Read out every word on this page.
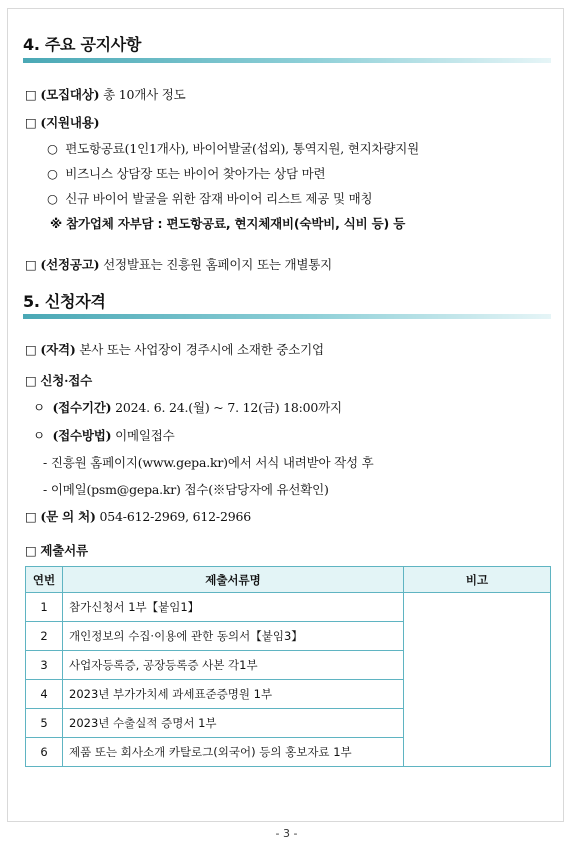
4. 주요 공지사항
□ (모집대상) 총 10개사 정도
□ (지원내용)
○ 편도항공료(1인1개사), 바이어발굴(섭외), 통역지원, 현지차량지원
○ 비즈니스 상담장 또는 바이어 찾아가는 상담 마련
○ 신규 바이어 발굴을 위한 잠재 바이어 리스트 제공 및 매칭
※ 참가업체 자부담 : 편도항공료, 현지체재비(숙박비, 식비 등) 등
□ (선정공고) 선정발표는 진흥원 홈페이지 또는 개별통지
5. 신청자격
□ (자격) 본사 또는 사업장이 경주시에 소재한 중소기업
□ 신청·접수
ㅇ (접수기간) 2024. 6. 24.(월) ~ 7. 12(금) 18:00까지
ㅇ (접수방법) 이메일접수
- 진흥원 홈페이지(www.gepa.kr)에서 서식 내려받아 작성 후
- 이메일(psm@gepa.kr) 접수(※담당자에 유선확인)
□ (문 의 처) 054-612-2969, 612-2966
□ 제출서류
연번	제출서류명	비고
1	참가신청서 1부【붙임1】	
2	개인정보의 수집·이용에 관한 동의서【붙임3】	
3	사업자등록증, 공장등록증 사본 각1부	
4	2023년 부가가치세 과세표준증명원 1부	
5	2023년 수출실적 증명서 1부	
6	제품 또는 회사소개 카탈로그(외국어) 등의 홍보자료 1부	
- 3 -
